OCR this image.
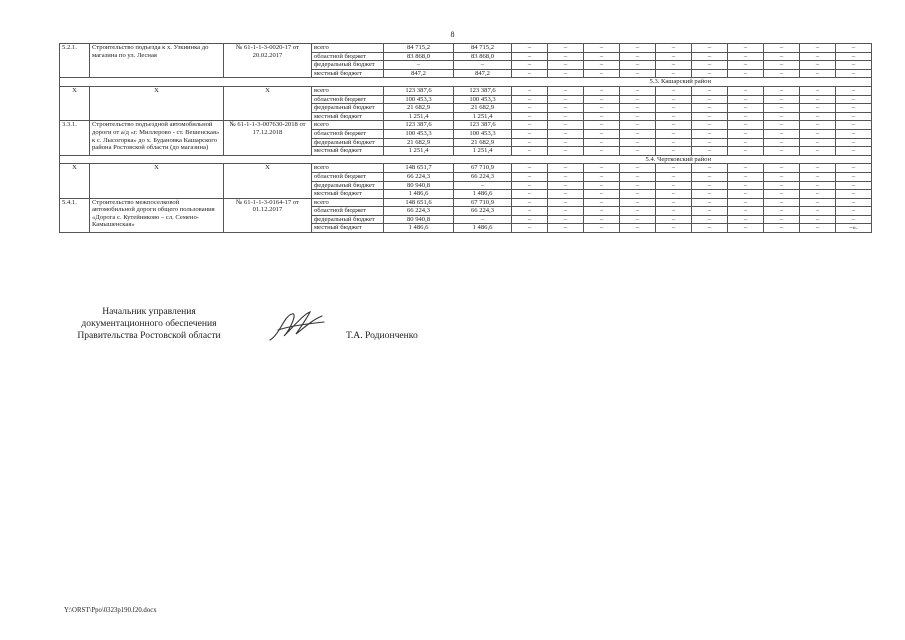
8
5.2.1.	Строительство подъезда к х. Узкиинка до магазина по ул. Лесная	№ 61-1-1-3-0020-17 от 20.02.2017	всего	84 715,2	84 715,2	–	–	–	–	–	–	–	–	–	–
			областной бюджет	83 868,0	83 868,0	–	–	–	–	–	–	–	–	–	–
			федеральный бюджет	–	–	–	–	–	–	–	–	–	–	–	–
			местный бюджет	847,2	847,2	–	–	–	–	–	–	–	–	–	–
5.3. Кашарский район															
Х	Х	Х	всего	123 387,6	123 387,6	–	–	–	–	–	–	–	–	–	–
			областной бюджет	100 453,3	100 453,3	–	–	–	–	–	–	–	–	–	–
			федеральный бюджет	21 682,9	21 682,9	–	–	–	–	–	–	–	–	–	–
			местный бюджет	1 251,4	1 251,4	–	–	–	–	–	–	–	–	–	–
3.3.1.	Строительство подъездной автомобильной дороги от а/д «г. Миллерово - ст. Вешенская» к с. Лысогорка» до х. Будановка Кашарского района Ростовской области (до магазина)	№ 61-1-1-3-007630-2018 от 17.12.2018	всего	123 387,6	123 387,6	–	–	–	–	–	–	–	–	–	–
			областной бюджет	100 453,3	100 453,3	–	–	–	–	–	–	–	–	–	–
			федеральный бюджет	21 682,9	21 682,9	–	–	–	–	–	–	–	–	–	–
			местный бюджет	1 251,4	1 251,4	–	–	–	–	–	–	–	–	–	–
5.4. Чертковский район															
Х	Х	Х	всего	148 651,7	67 710,9	–	–	–	–	–	–	–	–	–	–
			областной бюджет	66 224,3	66 224,3	–	–	–	–	–	–	–	–	–	–
			федеральный бюджет	80 940,8	–	–	–	–	–	–	–	–	–	–	–
			местный бюджет	1 486,6	1 486,6	–	–	–	–	–	–	–	–	–	–
5.4.1.	Строительство межпоселковой автомобильной дороги общего пользования «Дорога с. Кутейниково – сл. Семено-Камышенская»	№ 61-1-1-3-0164-17 от 01.12.2017	всего	148 651,6	67 710,9	–	–	–	–	–	–	–	–	–	–
			областной бюджет	66 224,3	66 224,3	–	–	–	–	–	–	–	–	–	–
			федеральный бюджет	80 940,8	–	–	–	–	–	–	–	–	–	–	–
			местный бюджет	1 486,6	1 486,6	–	–	–	–	–	–	–	–	–	–».
Начальник управления
документационного обеспечения
Правительства Ростовской области	Т.А. Родионченко
Y:\ORST\Ppo\0323p190.f20.docx
